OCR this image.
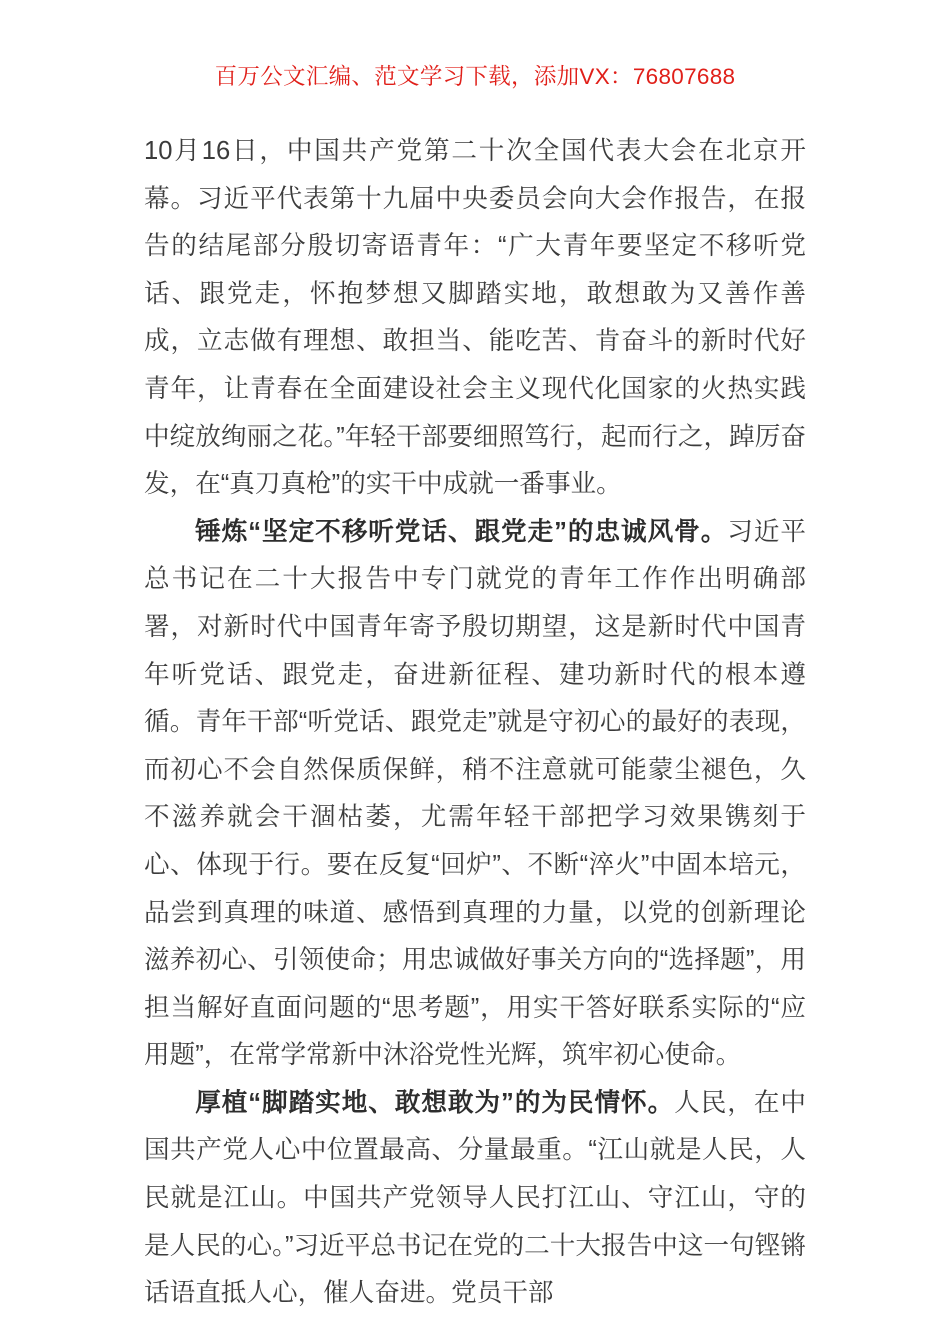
百万公文汇编、范文学习下载，添加VX：76807688

10月16日，中国共产党第二十次全国代表大会在北京开幕。习近平代表第十九届中央委员会向大会作报告，在报告的结尾部分殷切寄语青年：“广大青年要坚定不移听党话、跟党走，怀抱梦想又脚踏实地，敢想敢为又善作善成，立志做有理想、敢担当、能吃苦、肯奋斗的新时代好青年，让青春在全面建设社会主义现代化国家的火热实践中绽放绚丽之花。”年轻干部要细照笃行，起而行之，踔厉奋发，在“真刀真枪”的实干中成就一番事业。

锤炼“坚定不移听党话、跟党走”的忠诚风骨。习近平总书记在二十大报告中专门就党的青年工作作出明确部署，对新时代中国青年寄予殷切期望，这是新时代中国青年听党话、跟党走，奋进新征程、建功新时代的根本遵循。青年干部“听党话、跟党走”就是守初心的最好的表现，而初心不会自然保质保鲜，稍不注意就可能蒙尘褪色，久不滋养就会干涸枯萎，尤需年轻干部把学习效果镌刻于心、体现于行。要在反复“回炉”、不断“淬火”中固本培元，品尝到真理的味道、感悟到真理的力量，以党的创新理论滋养初心、引领使命；用忠诚做好事关方向的“选择题”，用担当解好直面问题的“思考题”，用实干答好联系实际的“应用题”，在常学常新中沐浴党性光辉，筑牢初心使命。

厚植“脚踏实地、敢想敢为”的为民情怀。人民，在中国共产党人心中位置最高、分量最重。“江山就是人民，人民就是江山。中国共产党领导人民打江山、守江山，守的是人民的心。”习近平总书记在党的二十大报告中这一句铿锵话语直抵人心，催人奋进。党员干部
